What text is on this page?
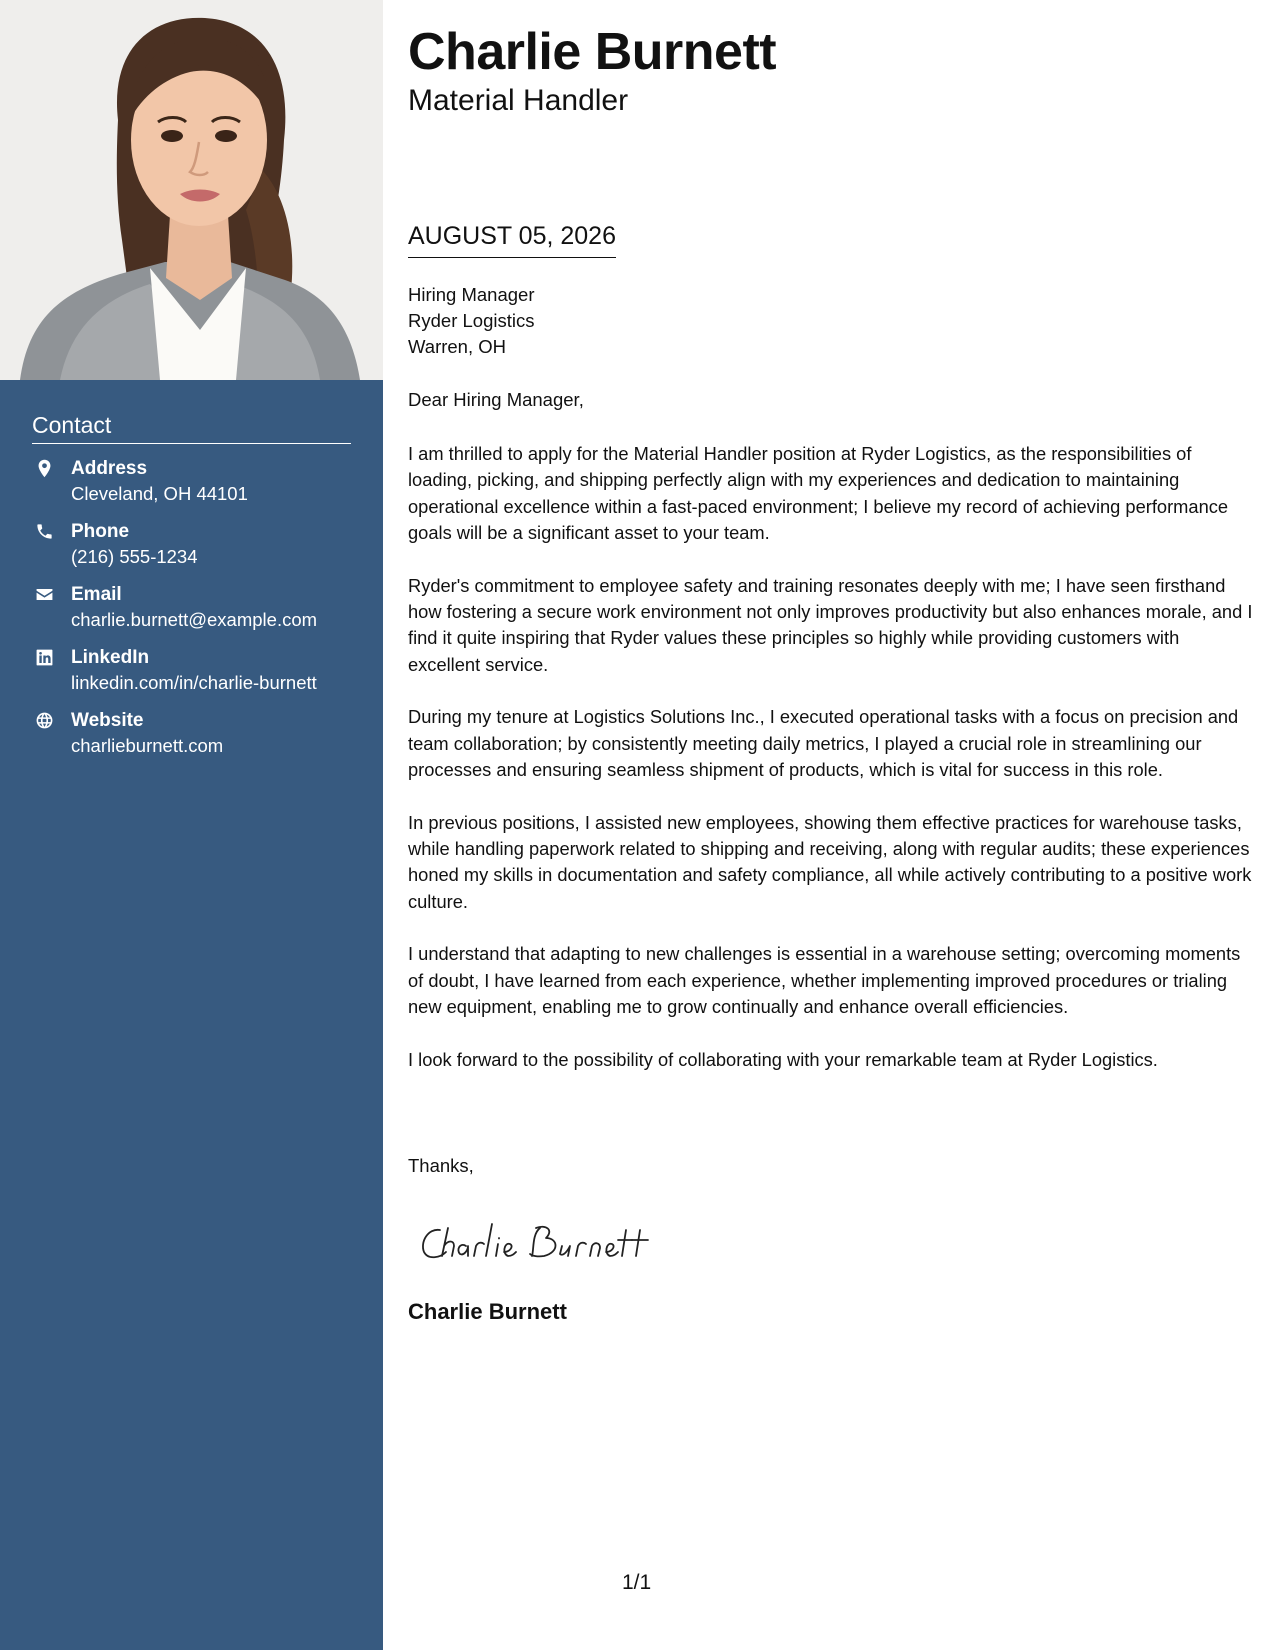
Contact
Address
Cleveland, OH 44101
Phone
(216) 555-1234
Email
charlie.burnett@example.com
LinkedIn
linkedin.com/in/charlie-burnett
Website
charlieburnett.com
Charlie Burnett
Material Handler
AUGUST 05, 2026
Hiring Manager
Ryder Logistics
Warren, OH
Dear Hiring Manager,

I am thrilled to apply for the Material Handler position at Ryder Logistics, as the responsibilities of loading, picking, and shipping perfectly align with my experiences and dedication to maintaining operational excellence within a fast-paced environment; I believe my record of achieving performance goals will be a significant asset to your team.

Ryder's commitment to employee safety and training resonates deeply with me; I have seen firsthand how fostering a secure work environment not only improves productivity but also enhances morale, and I find it quite inspiring that Ryder values these principles so highly while providing customers with excellent service.

During my tenure at Logistics Solutions Inc., I executed operational tasks with a focus on precision and team collaboration; by consistently meeting daily metrics, I played a crucial role in streamlining our processes and ensuring seamless shipment of products, which is vital for success in this role.

In previous positions, I assisted new employees, showing them effective practices for warehouse tasks, while handling paperwork related to shipping and receiving, along with regular audits; these experiences honed my skills in documentation and safety compliance, all while actively contributing to a positive work culture.

I understand that adapting to new challenges is essential in a warehouse setting; overcoming moments of doubt, I have learned from each experience, whether implementing improved procedures or trialing new equipment, enabling me to grow continually and enhance overall efficiencies.

I look forward to the possibility of collaborating with your remarkable team at Ryder Logistics.

Thanks,
Charlie Burnett
1/1
